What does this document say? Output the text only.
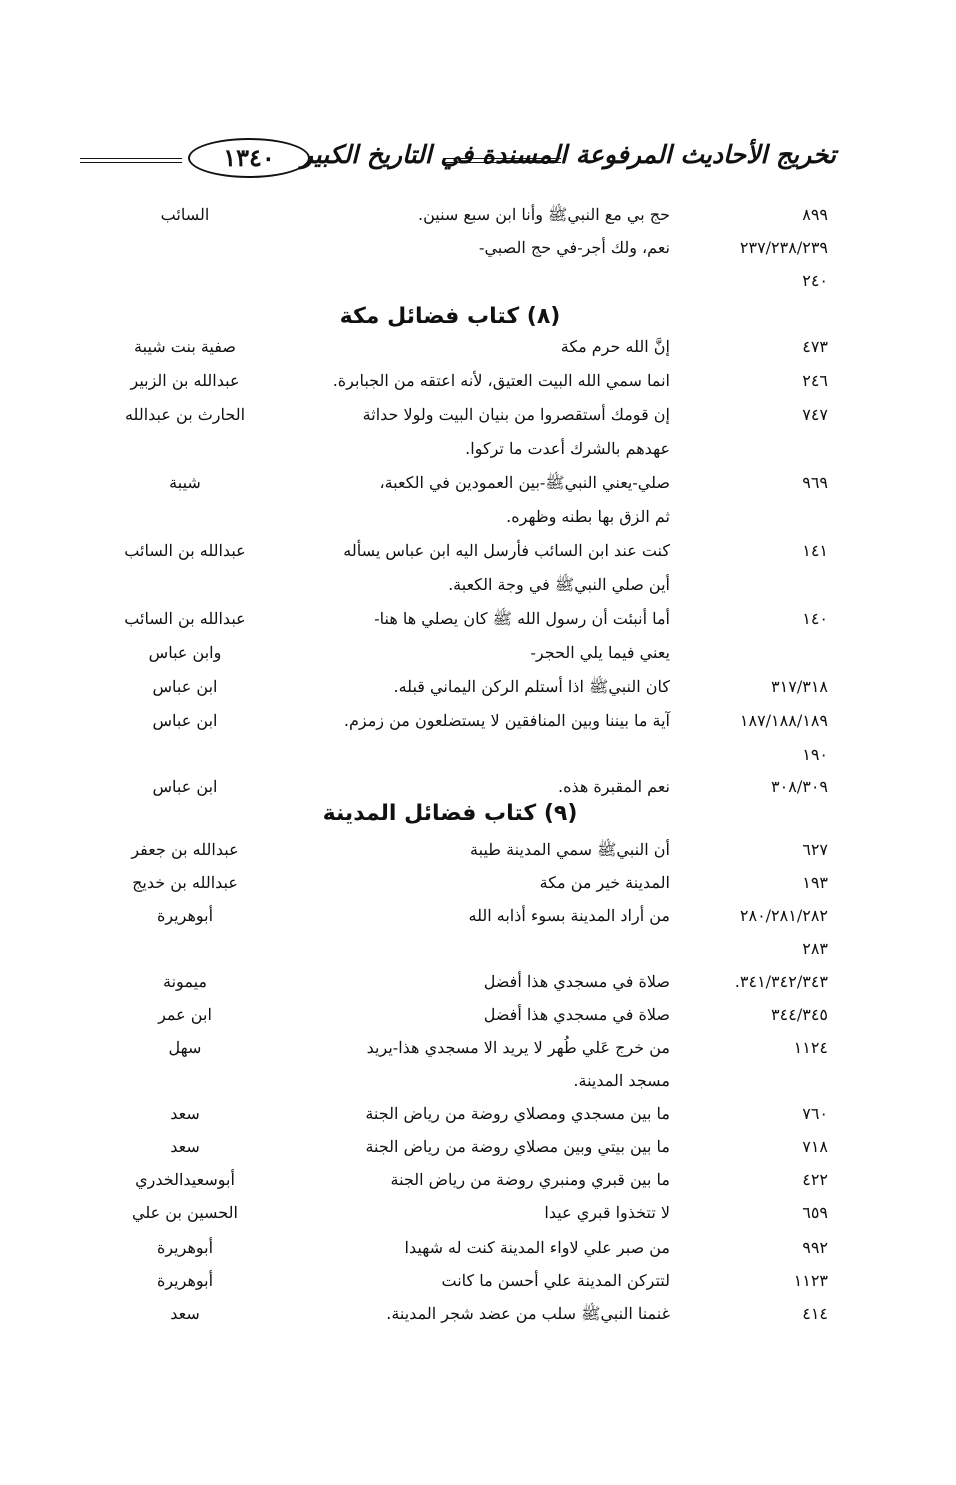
تخريج الأحاديث المرفوعة المسندة في التاريخ الكبير
١٣٤٠
(٨) كتاب فضائل مكة
(٩) كتاب فضائل المدينة
٨٩٩
حج بي مع النبيﷺ وأنا ابن سبع سنين.
السائب
٢٣٧/٢٣٨/٢٣٩
نعم، ولك أجر-في حج الصبي-
٢٤٠
٤٧٣
إنَّ الله حرم مكة
صفية بنت شيبة
٢٤٦
انما سمي الله البيت العتيق، لأنه اعتقه من الجبابرة.
عبدالله بن الزبير
٧٤٧
إن قومك أستقصروا من بنيان البيت ولولا حداثة
الحارث بن عبدالله
عهدهم بالشرك أعدت ما تركوا.
٩٦٩
صلي-يعني النبيﷺ-بين العمودين في الكعبة،
شيبة
ثم الزق بها بطنه وظهره.
١٤١
كنت عند ابن السائب فأرسل اليه ابن عباس يسأله
عبدالله بن السائب
أين صلي النبيﷺ في وجة الكعبة.
١٤٠
أما أنبئت أن رسول الله ﷺ كان يصلي ها هنا-
عبدالله بن السائب
يعني فيما يلي الحجر-
وابن عباس
٣١٧/٣١٨
كان النبيﷺ اذا أستلم الركن اليماني قبله.
ابن عباس
١٨٧/١٨٨/١٨٩
آية ما بيننا وبين المنافقين لا يستضلعون من زمزم.
ابن عباس
١٩٠
٣٠٨/٣٠٩
نعم المقبرة هذه.
ابن عباس
٦٢٧
أن النبيﷺ سمي المدينة طيبة
عبدالله بن جعفر
١٩٣
المدينة خير من مكة
عبدالله بن خديج
٢٨٠/٢٨١/٢٨٢
من أراد المدينة بسوء أذابه الله
أبوهريرة
٢٨٣
٣٤١/٣٤٢/٣٤٣.
صلاة في مسجدي هذا أفضل
ميمونة
٣٤٤/٣٤٥
صلاة في مسجدي هذا أفضل
ابن عمر
١١٢٤
من خرج عَلي طُهر لا يريد الا مسجدي هذا-يريد
سهل
مسجد المدينة.
٧٦٠
ما بين مسجدي ومصلاي روضة من رياض الجنة
سعد
٧١٨
ما بين بيتي وبين مصلاي روضة من رياض الجنة
سعد
٤٢٢
ما بين قبري ومنبري روضة من رياض الجنة
أبوسعيدالخدري
٦٥٩
لا تتخذوا قبري عيدا
الحسين بن علي
٩٩٢
من صبر علي لاواء المدينة كنت له شهيدا
أبوهريرة
١١٢٣
لتتركن المدينة علي أحسن ما كانت
أبوهريرة
٤١٤
غنمنا النبيﷺ سلب من عضد شجر المدينة.
سعد
